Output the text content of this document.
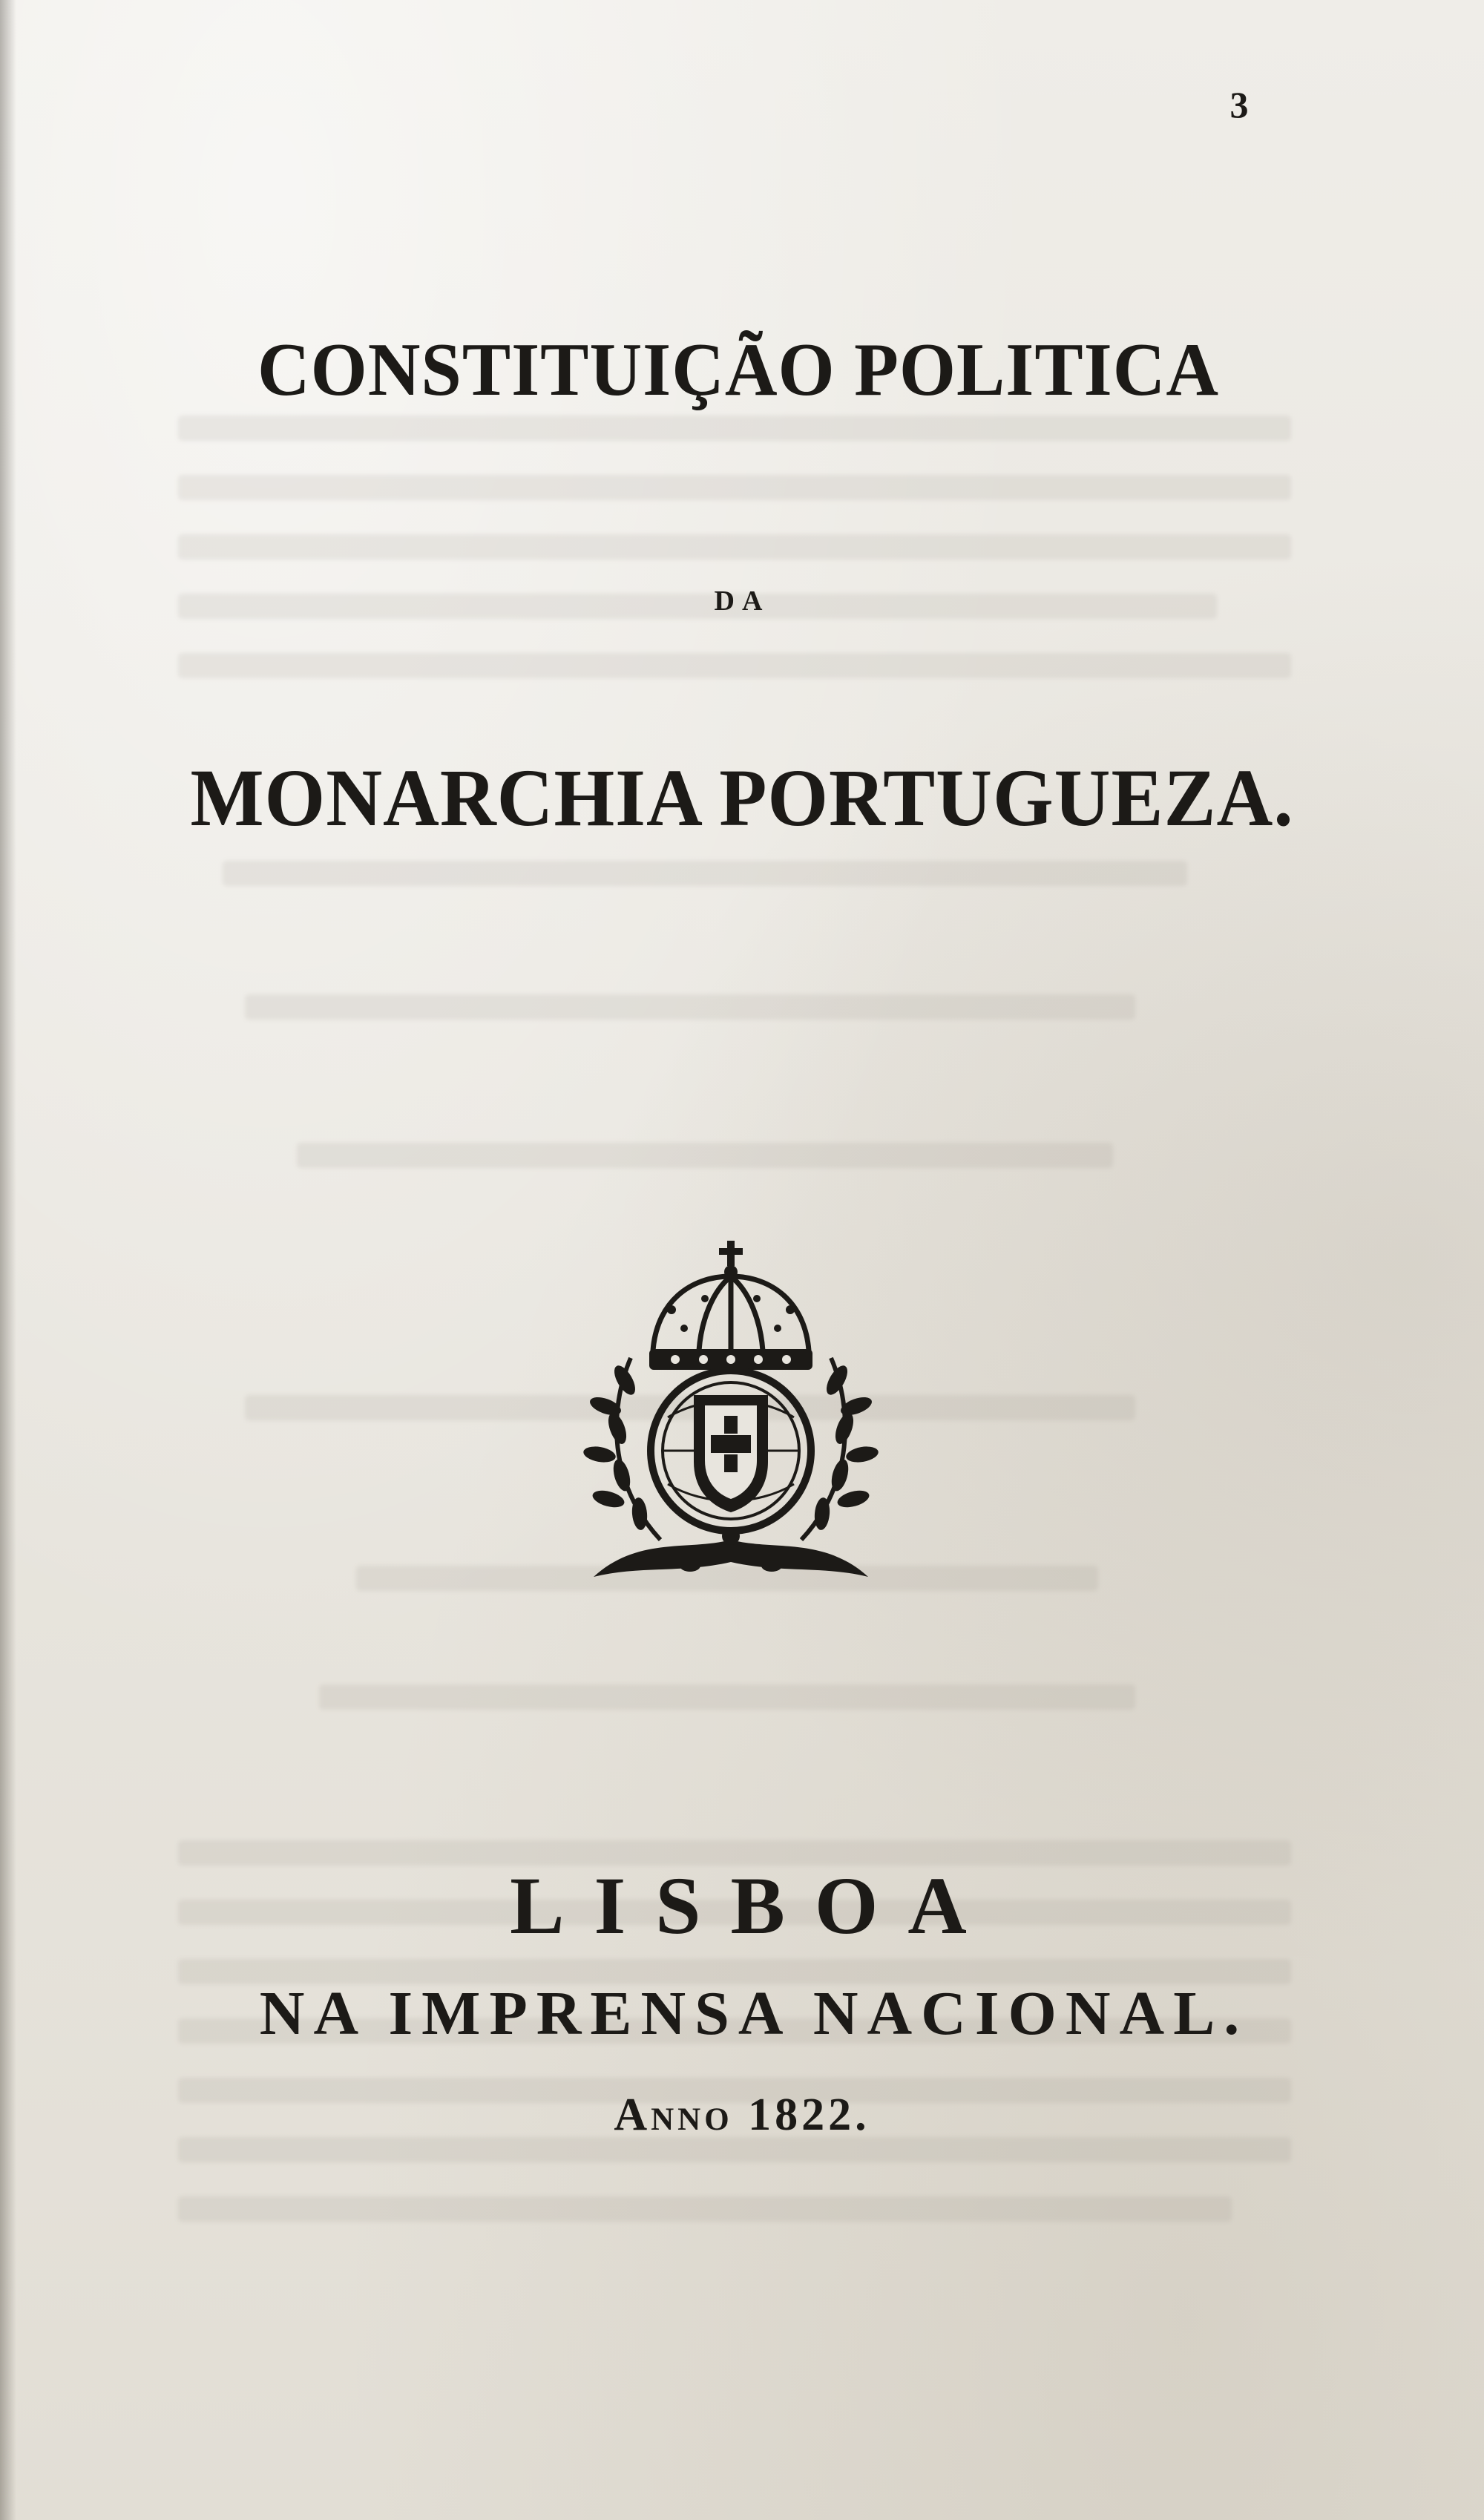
3
CONSTITUIÇÃO POLITICA
DA
MONARCHIA PORTUGUEZA.
LISBOA
NA IMPRENSA NACIONAL.
Anno 1822.
